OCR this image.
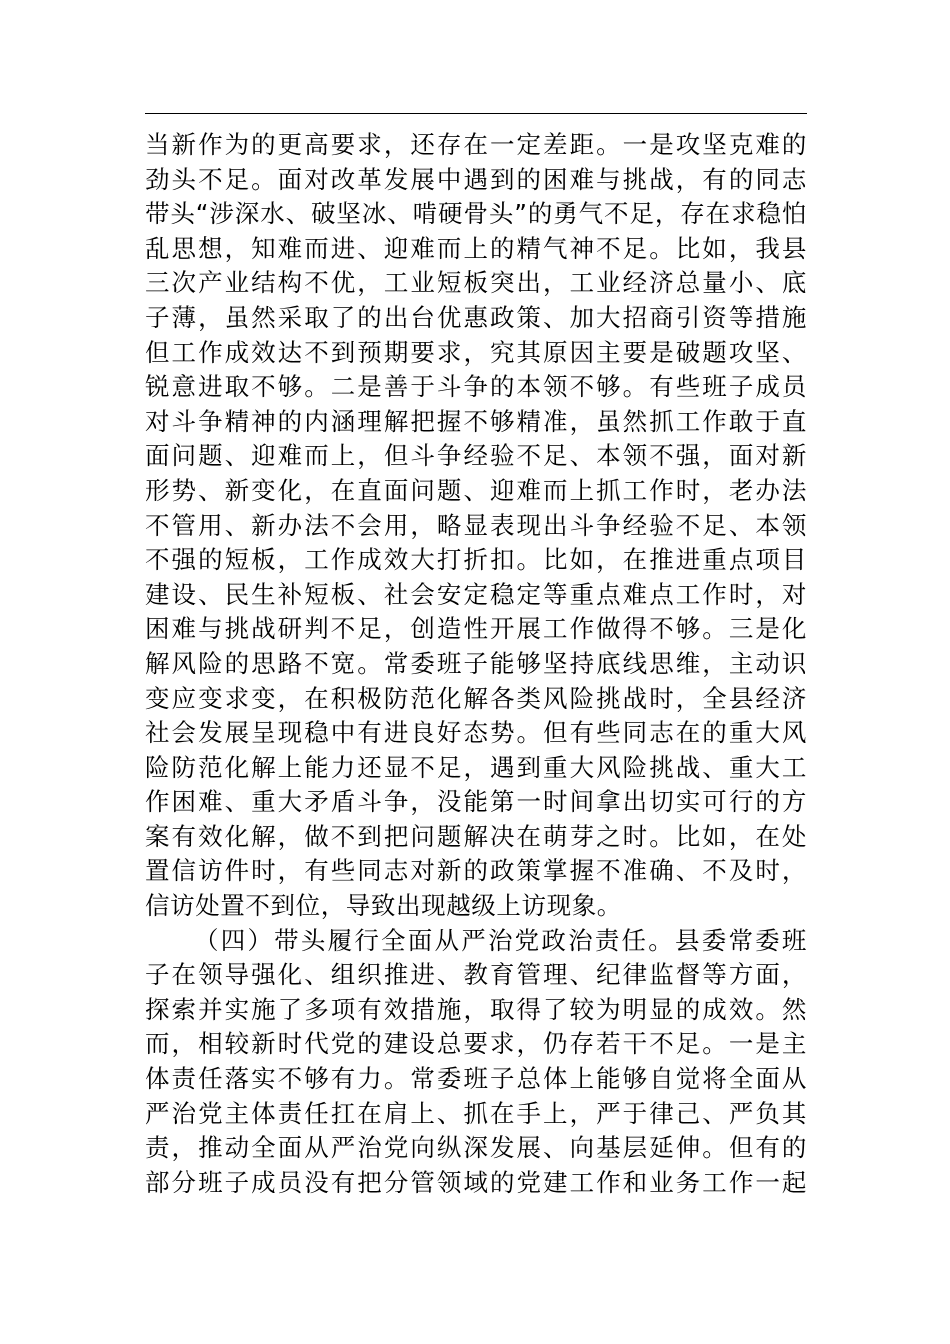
当新作为的更高要求，还存在一定差距。一是攻坚克难的
劲头不足。面对改革发展中遇到的困难与挑战，有的同志
带头“涉深水、破坚冰、啃硬骨头”的勇气不足，存在求稳怕
乱思想，知难而进、迎难而上的精气神不足。比如，我县
三次产业结构不优，工业短板突出，工业经济总量小、底
子薄，虽然采取了的出台优惠政策、加大招商引资等措施
但工作成效达不到预期要求，究其原因主要是破题攻坚、
锐意进取不够。二是善于斗争的本领不够。有些班子成员
对斗争精神的内涵理解把握不够精准，虽然抓工作敢于直
面问题、迎难而上，但斗争经验不足、本领不强，面对新
形势、新变化，在直面问题、迎难而上抓工作时，老办法
不管用、新办法不会用，略显表现出斗争经验不足、本领
不强的短板，工作成效大打折扣。比如，在推进重点项目
建设、民生补短板、社会安定稳定等重点难点工作时，对
困难与挑战研判不足，创造性开展工作做得不够。三是化
解风险的思路不宽。常委班子能够坚持底线思维，主动识
变应变求变，在积极防范化解各类风险挑战时，全县经济
社会发展呈现稳中有进良好态势。但有些同志在的重大风
险防范化解上能力还显不足，遇到重大风险挑战、重大工
作困难、重大矛盾斗争，没能第一时间拿出切实可行的方
案有效化解，做不到把问题解决在萌芽之时。比如，在处
置信访件时，有些同志对新的政策掌握不准确、不及时，
信访处置不到位，导致出现越级上访现象。
（四）带头履行全面从严治党政治责任。县委常委班
子在领导强化、组织推进、教育管理、纪律监督等方面，
探索并实施了多项有效措施，取得了较为明显的成效。然
而，相较新时代党的建设总要求，仍存若干不足。一是主
体责任落实不够有力。常委班子总体上能够自觉将全面从
严治党主体责任扛在肩上、抓在手上，严于律己、严负其
责，推动全面从严治党向纵深发展、向基层延伸。但有的
部分班子成员没有把分管领域的党建工作和业务工作一起
